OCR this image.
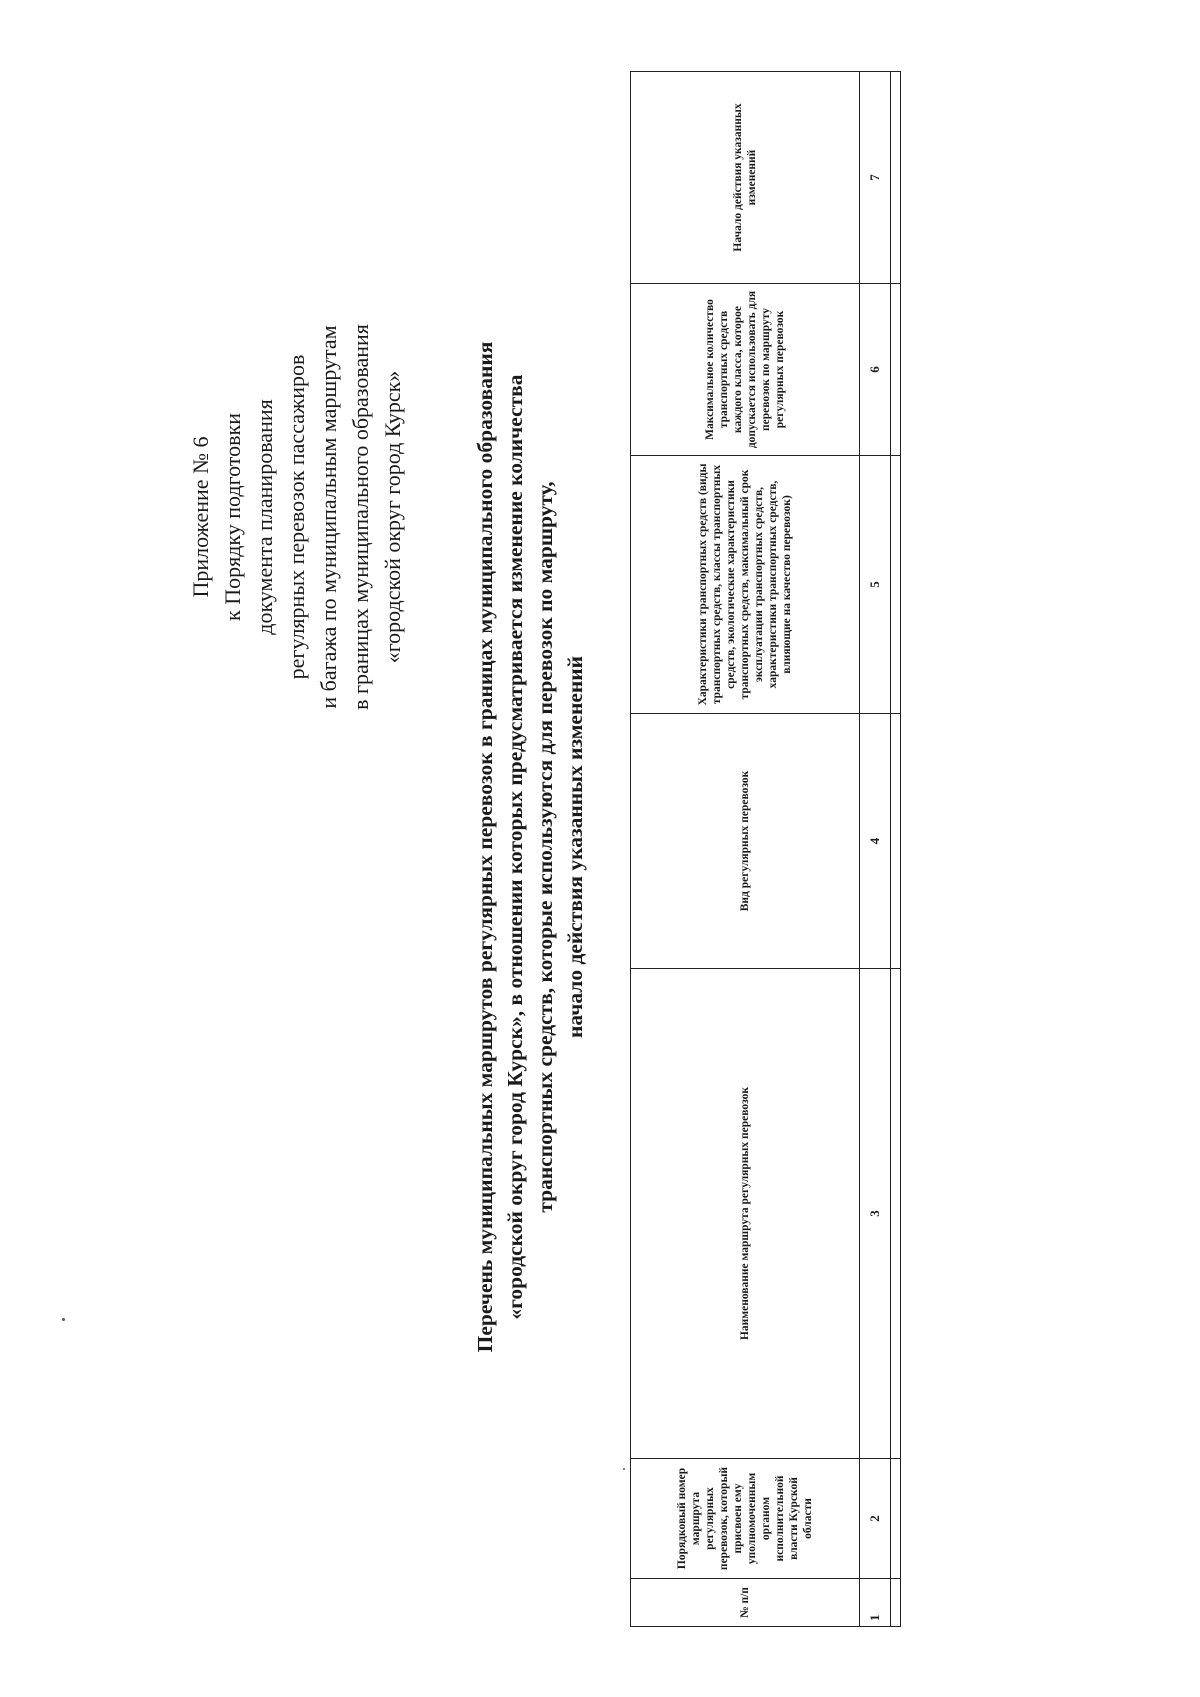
Приложение № 6 к Порядку подготовки документа планирования регулярных перевозок пассажиров и багажа по муниципальным маршрутам в границах муниципального образования «городской округ город Курск»	Перечень муниципальных маршрутов регулярных перевозок в границах муниципального образования «городской округ город Курск», в отношении которых предусматривается изменение количества транспортных средств, которые используются для перевозок по маршруту, начало действия указанных изменений
№ п/п	Порядковый номер маршрута регулярных перевозок, который присвоен ему уполномоченным органом исполнительной власти Курской области	Наименование маршрута регулярных перевозок	Вид регулярных перевозок	Характеристики транспортных средств (виды транспортных средств, классы транспортных средств, экологические характеристики транспортных средств, максимальный срок эксплуатации транспортных средств, характеристики транспортных средств, влияющие на качество перевозок)	Максимальное количество транспортных средств каждого класса, которое допускается использовать для перевозок по маршруту регулярных перевозок	Начало действия указанных изменений
1	2	3	4	5	6	7
